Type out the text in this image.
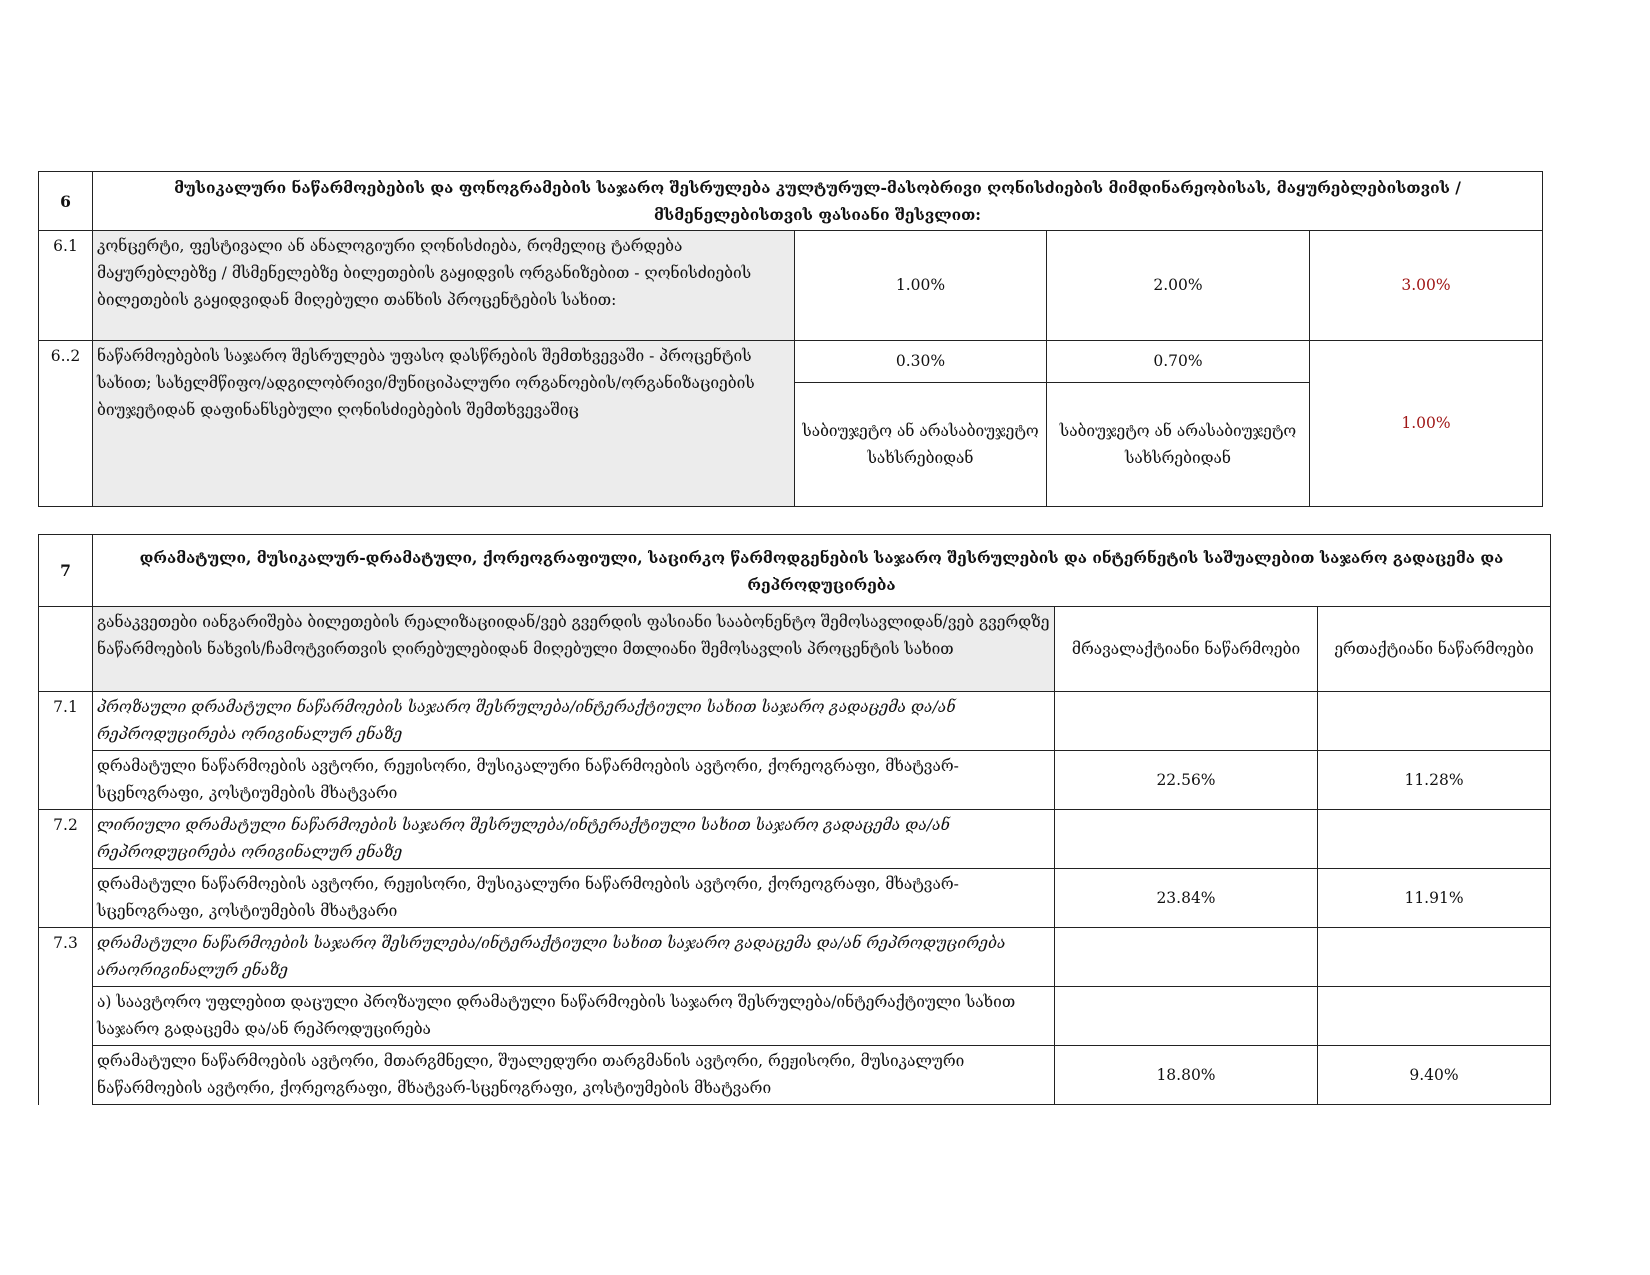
6	მუსიკალური ნაწარმოებების და ფონოგრამების საჯარო შესრულება კულტურულ-მასობრივი ღონისძიების მიმდინარეობისას, მაყურებლებისთვის / მსმენელებისთვის ფასიანი შესვლით:			
6.1	კონცერტი, ფესტივალი ან ანალოგიური ღონისძიება, რომელიც ტარდება მაყურებლებზე / მსმენელებზე ბილეთების გაყიდვის ორგანიზებით - ღონისძიების ბილეთების გაყიდვიდან მიღებული თანხის პროცენტების სახით:	1.00%	2.00%	3.00%
6..2	ნაწარმოებების საჯარო შესრულება უფასო დასწრების შემთხვევაში - პროცენტის სახით; სახელმწიფო/ადგილობრივი/მუნიციპალური ორგანოების/ორგანიზაციების ბიუჯეტიდან დაფინანსებული ღონისძიებების შემთხვევაშიც	0.30%	0.70%	1.00%
		საბიუჯეტო ან არასაბიუჯეტო სახსრებიდან	საბიუჯეტო ან არასაბიუჯეტო სახსრებიდან	
7	დრამატული, მუსიკალურ-დრამატული, ქორეოგრაფიული, საცირკო წარმოდგენების საჯარო შესრულების და ინტერნეტის საშუალებით საჯარო გადაცემა და რეპროდუცირება		
	განაკვეთები იანგარიშება ბილეთების რეალიზაციიდან/ვებ გვერდის ფასიანი სააბონენტო შემოსავლიდან/ვებ გვერდზე ნაწარმოების ნახვის/ჩამოტვირთვის ღირებულებიდან მიღებული მთლიანი შემოსავლის პროცენტის სახით	მრავალაქტიანი ნაწარმოები	ერთაქტიანი ნაწარმოები
7.1	პროზაული დრამატული ნაწარმოების საჯარო შესრულება/ინტერაქტიული სახით საჯარო გადაცემა და/ან რეპროდუცირება ორიგინალურ ენაზე		
	დრამატული ნაწარმოების ავტორი, რეჟისორი, მუსიკალური ნაწარმოების ავტორი, ქორეოგრაფი, მხატვარ-სცენოგრაფი, კოსტიუმების მხატვარი	22.56%	11.28%
7.2	ლირიული დრამატული ნაწარმოების საჯარო შესრულება/ინტერაქტიული სახით საჯარო გადაცემა და/ან რეპროდუცირება ორიგინალურ ენაზე		
	დრამატული ნაწარმოების ავტორი, რეჟისორი, მუსიკალური ნაწარმოების ავტორი, ქორეოგრაფი, მხატვარ-სცენოგრაფი, კოსტიუმების მხატვარი	23.84%	11.91%
7.3	დრამატული ნაწარმოების საჯარო შესრულება/ინტერაქტიული სახით საჯარო გადაცემა და/ან რეპროდუცირება არაორიგინალურ ენაზე		
	ა) საავტორო უფლებით დაცული პროზაული დრამატული ნაწარმოების საჯარო შესრულება/ინტერაქტიული სახით საჯარო გადაცემა და/ან რეპროდუცირება		
	დრამატული ნაწარმოების ავტორი, მთარგმნელი, შუალედური თარგმანის ავტორი, რეჟისორი, მუსიკალური ნაწარმოების ავტორი, ქორეოგრაფი, მხატვარ-სცენოგრაფი, კოსტიუმების მხატვარი	18.80%	9.40%
